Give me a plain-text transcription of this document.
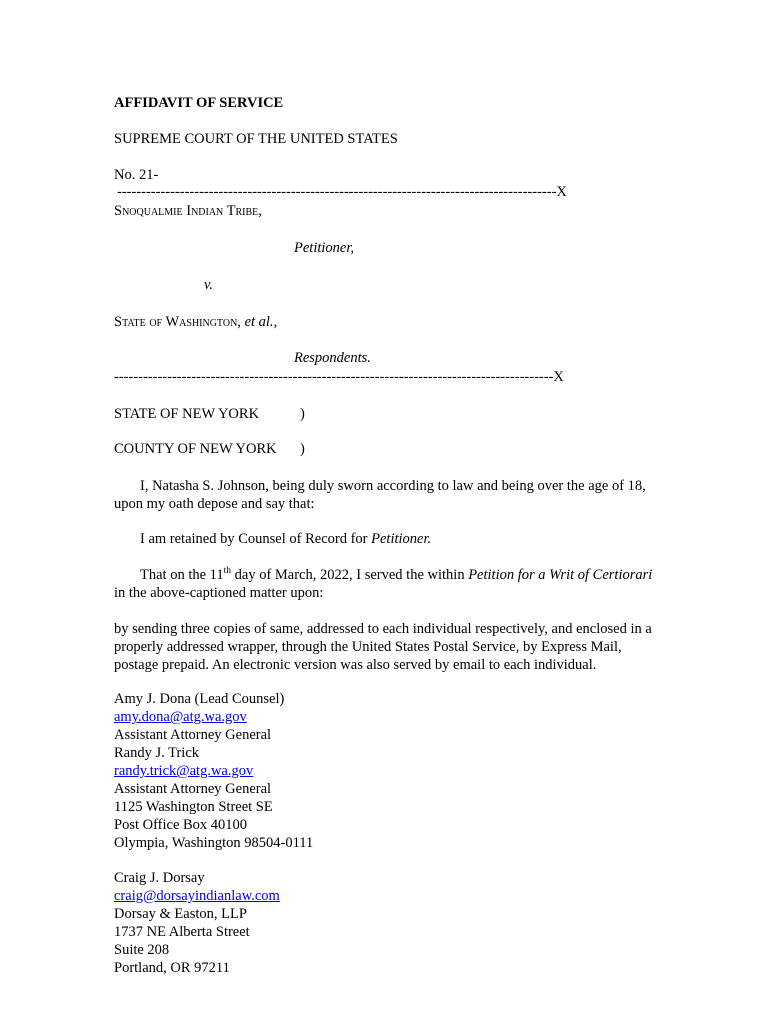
AFFIDAVIT OF SERVICE
SUPREME COURT OF THE UNITED STATES
No. 21-
-------------------------------------------------------------------------------------------X
Snoqualmie Indian Tribe,
Petitioner,
v.
State of Washington, et al.,
Respondents.
-------------------------------------------------------------------------------------------X
STATE OF NEW YORK	)
COUNTY OF NEW YORK )
I, Natasha S. Johnson, being duly sworn according to law and being over the age of 18, upon my oath depose and say that:
I am retained by Counsel of Record for Petitioner.
That on the 11th day of March, 2022, I served the within Petition for a Writ of Certiorari in the above-captioned matter upon:
by sending three copies of same, addressed to each individual respectively, and enclosed in a properly addressed wrapper, through the United States Postal Service, by Express Mail, postage prepaid. An electronic version was also served by email to each individual.
Amy J. Dona (Lead Counsel)
amy.dona@atg.wa.gov
Assistant Attorney General
Randy J. Trick
randy.trick@atg.wa.gov
Assistant Attorney General
1125 Washington Street SE
Post Office Box 40100
Olympia, Washington 98504-0111
Craig J. Dorsay
craig@dorsayindianlaw.com
Dorsay & Easton, LLP
1737 NE Alberta Street
Suite 208
Portland, OR 97211
